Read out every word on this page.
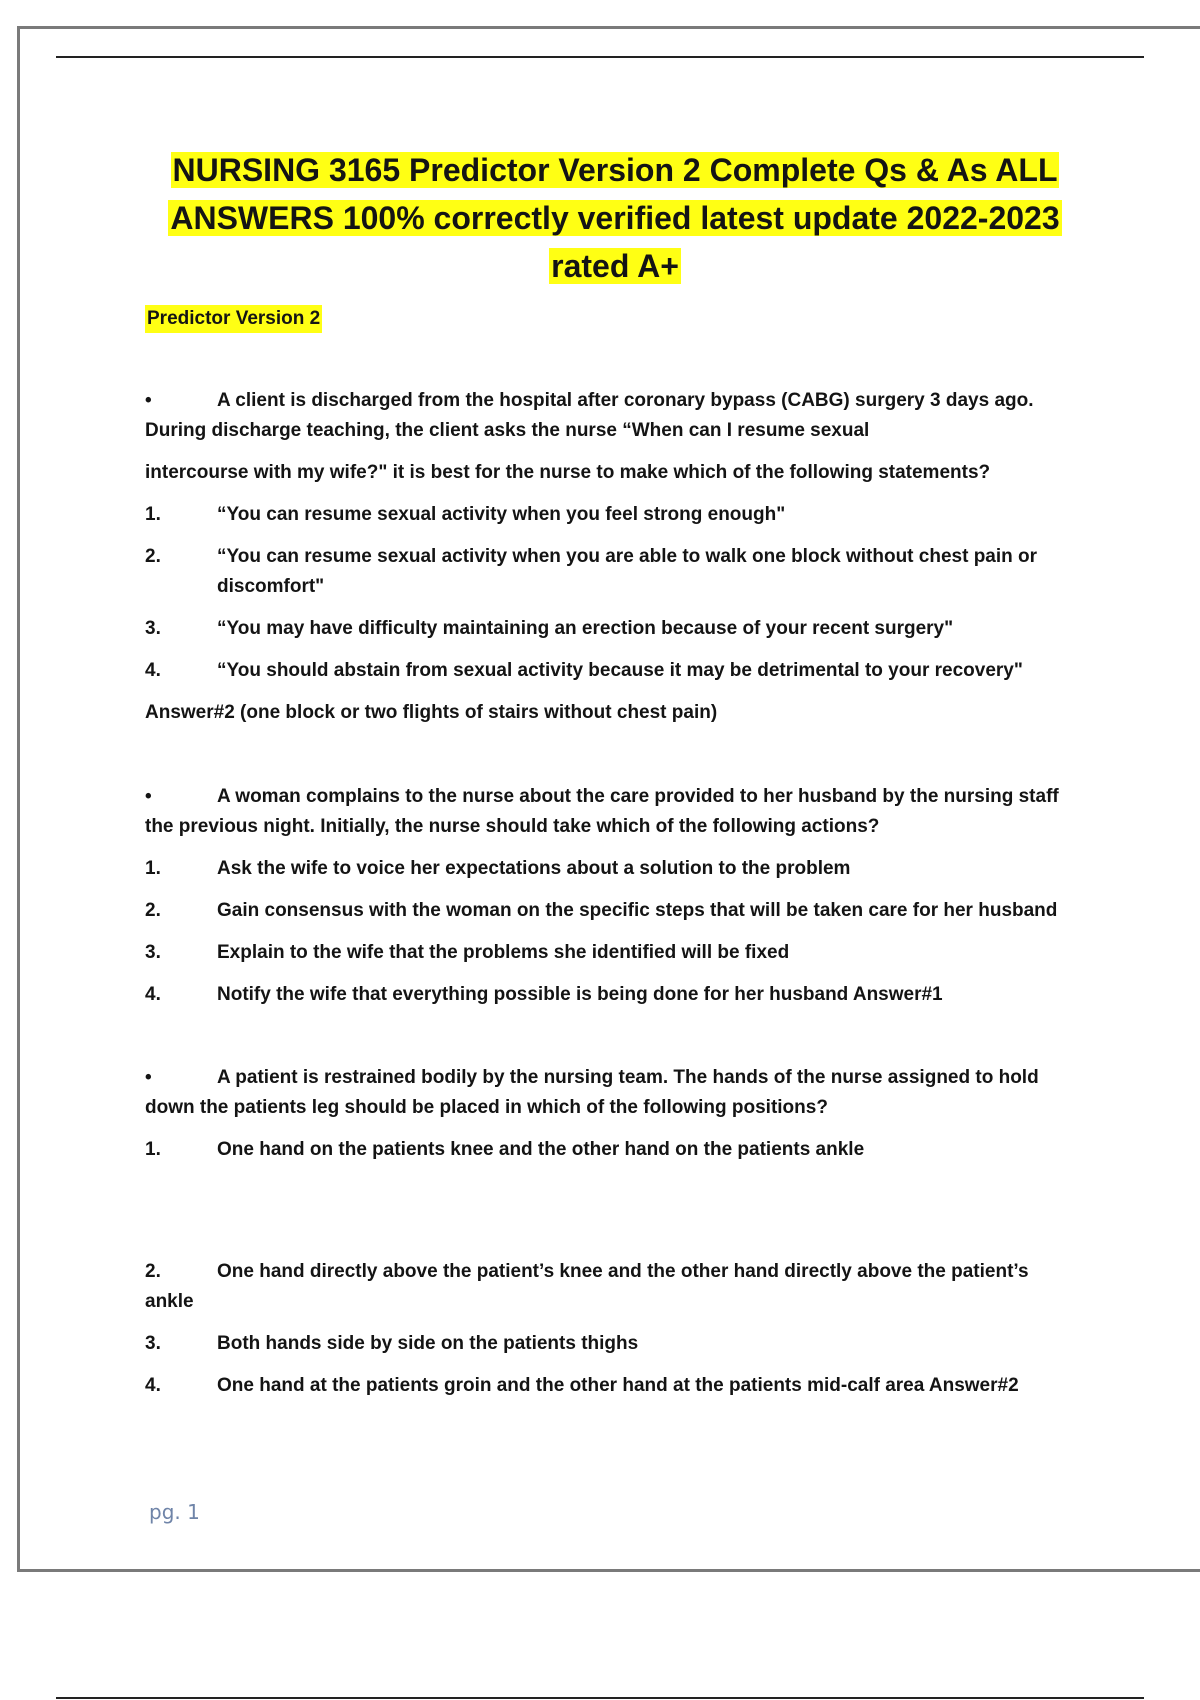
NURSING 3165 Predictor Version 2 Complete Qs & As ALL
ANSWERS 100% correctly verified latest update 2022-2023
rated A+
Predictor Version 2
•	A client is discharged from the hospital after coronary bypass (CABG) surgery 3 days ago. During discharge teaching, the client asks the nurse “When can I resume sexual
intercourse with my wife?" it is best for the nurse to make which of the following statements?
1.	“You can resume sexual activity when you feel strong enough"
2.	“You can resume sexual activity when you are able to walk one block without chest pain or discomfort"
3.	“You may have difficulty maintaining an erection because of your recent surgery"
4.	“You should abstain from sexual activity because it may be detrimental to your recovery"
Answer#2 (one block or two flights of stairs without chest pain)
•	A woman complains to the nurse about the care provided to her husband by the nursing staff the previous night. Initially, the nurse should take which of the following actions?
1.	Ask the wife to voice her expectations about a solution to the problem
2.	Gain consensus with the woman on the specific steps that will be taken care for her husband
3.	Explain to the wife that the problems she identified will be fixed
4.	Notify the wife that everything possible is being done for her husband Answer#1
•	A patient is restrained bodily by the nursing team. The hands of the nurse assigned to hold down the patients leg should be placed in which of the following positions?
1.	One hand on the patients knee and the other hand on the patients ankle
2.	One hand directly above the patient’s knee and the other hand directly above the patient’s ankle
3.	Both hands side by side on the patients thighs
4.	One hand at the patients groin and the other hand at the patients mid-calf area Answer#2
pg. 1
